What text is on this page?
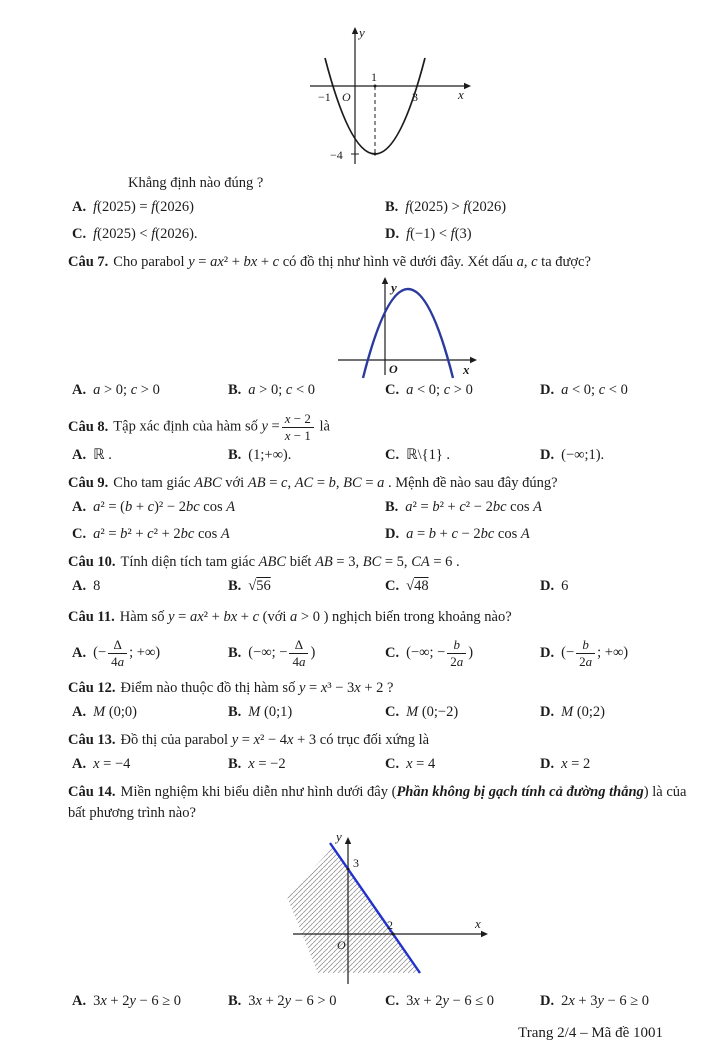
y
x
O
−1
1
3
−4

Khẳng định nào đúng ?

A. f(2025) = f(2026)	B. f(2025) > f(2026)
C. f(2025) < f(2026).	D. f(−1) < f(3)

Câu 7. Cho parabol y = ax² + bx + c có đồ thị như hình vẽ dưới đây. Xét dấu a, c ta được?

y
x
O
A. a > 0; c > 0	B. a > 0; c < 0	C. a < 0; c > 0	D. a < 0; c < 0

Câu 8. Tập xác định của hàm số $y = \frac{x - 2}{x - 1}$ là

A. ℝ .	B. (1;+∞).	C. ℝ\{1} .	D. (−∞;1).

Câu 9. Cho tam giác ABC với AB = c, AC = b, BC = a . Mệnh đề nào sau đây đúng?

A. a² = (b + c)² − 2bc cos A	B. a² = b² + c² − 2bc cos A
C. a² = b² + c² + 2bc cos A	D. a = b + c − 2bc cos A

Câu 10. Tính diện tích tam giác ABC biết AB = 3, BC = 5, CA = 6 .

A. 8	B. √56	C. √48	D. 6

Câu 11. Hàm số y = ax² + bx + c (với a > 0 ) nghịch biến trong khoảng nào?

A. (− $\frac{\Delta}{4a}$ ; +∞)	B. (−∞; − $\frac{\Delta}{4a}$ )	C. (−∞; − $\frac{b}{2a}$ )	D. (− $\frac{b}{2a}$ ; +∞)

Câu 12. Điểm nào thuộc đồ thị hàm số y = x³ − 3x + 2 ?

A. M (0;0)	B. M (0;1)	C. M (0;−2)	D. M (0;2)

Câu 13. Đồ thị của parabol y = x² − 4x + 3 có trục đối xứng là

A. x = −4	B. x = −2	C. x = 4	D. x = 2

Câu 14. Miền nghiệm khi biểu diễn như hình dưới đây (Phần không bị gạch tính cả đường thẳng) là của bất phương trình nào?

y
x
O
3
2
A. 3x + 2y − 6 ≥ 0	B. 3x + 2y − 6 > 0	C. 3x + 2y − 6 ≤ 0	D. 2x + 3y − 6 ≥ 0
Trang 2/4 – Mã đề 1001
